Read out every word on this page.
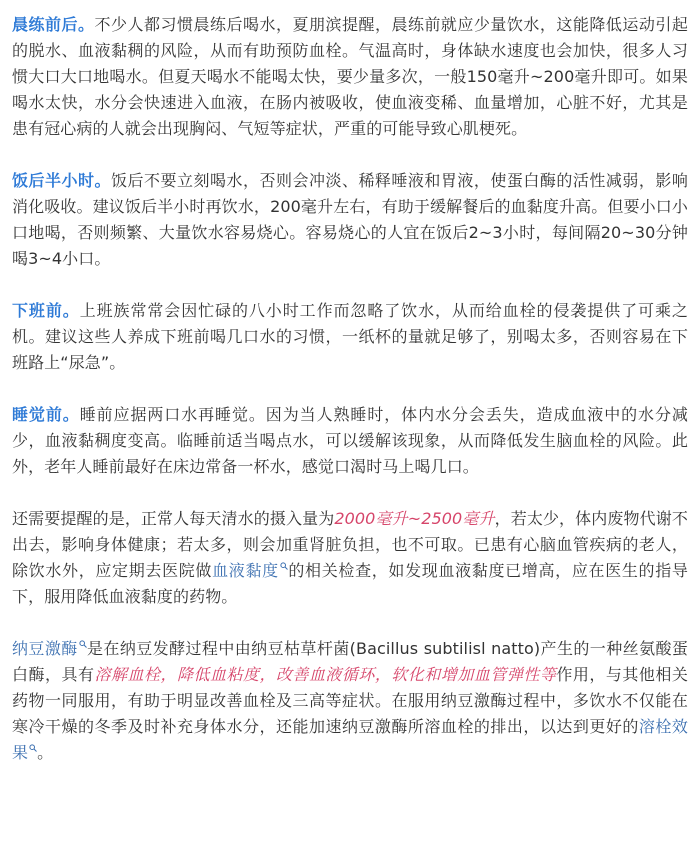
晨练前后。不少人都习惯晨练后喝水，夏朋滨提醒，晨练前就应少量饮水，这能降低运动引起的脱水、血液黏稠的风险，从而有助预防血栓。气温高时，身体缺水速度也会加快，很多人习惯大口大口地喝水。但夏天喝水不能喝太快，要少量多次，一般150毫升~200毫升即可。如果喝水太快，水分会快速进入血液，在肠内被吸收，使血液变稀、血量增加，心脏不好，尤其是患有冠心病的人就会出现胸闷、气短等症状，严重的可能导致心肌梗死。

饭后半小时。饭后不要立刻喝水，否则会冲淡、稀释唾液和胃液，使蛋白酶的活性减弱，影响消化吸收。建议饭后半小时再饮水，200毫升左右，有助于缓解餐后的血黏度升高。但要小口小口地喝，否则频繁、大量饮水容易烧心。容易烧心的人宜在饭后2~3小时，每间隔20~30分钟喝3~4小口。

下班前。上班族常常会因忙碌的八小时工作而忽略了饮水，从而给血栓的侵袭提供了可乘之机。建议这些人养成下班前喝几口水的习惯，一纸杯的量就足够了，别喝太多，否则容易在下班路上“尿急”。

睡觉前。睡前应据两口水再睡觉。因为当人熟睡时，体内水分会丢失，造成血液中的水分减少，血液黏稠度变高。临睡前适当喝点水，可以缓解该现象，从而降低发生脑血栓的风险。此外，老年人睡前最好在床边常备一杯水，感觉口渴时马上喝几口。

还需要提醒的是，正常人每天清水的摄入量为2000毫升~2500毫升，若太少，体内废物代谢不出去，影响身体健康；若太多，则会加重肾脏负担，也不可取。已患有心脑血管疾病的老人，除饮水外，应定期去医院做血液黏度 的相关检查，如发现血液黏度已增高，应在医生的指导下，服用降低血液黏度的药物。

纳豆激酶 是在纳豆发酵过程中由纳豆枯草杆菌(Bacillus subtilisl natto)产生的一种丝氨酸蛋白酶，具有溶解血栓，降低血粘度，改善血液循环，软化和增加血管弹性等作用，与其他相关药物一同服用，有助于明显改善血栓及三高等症状。在服用纳豆激酶过程中，多饮水不仅能在寒冷干燥的冬季及时补充身体水分，还能加速纳豆激酶所溶血栓的排出，以达到更好的溶栓效果 。
